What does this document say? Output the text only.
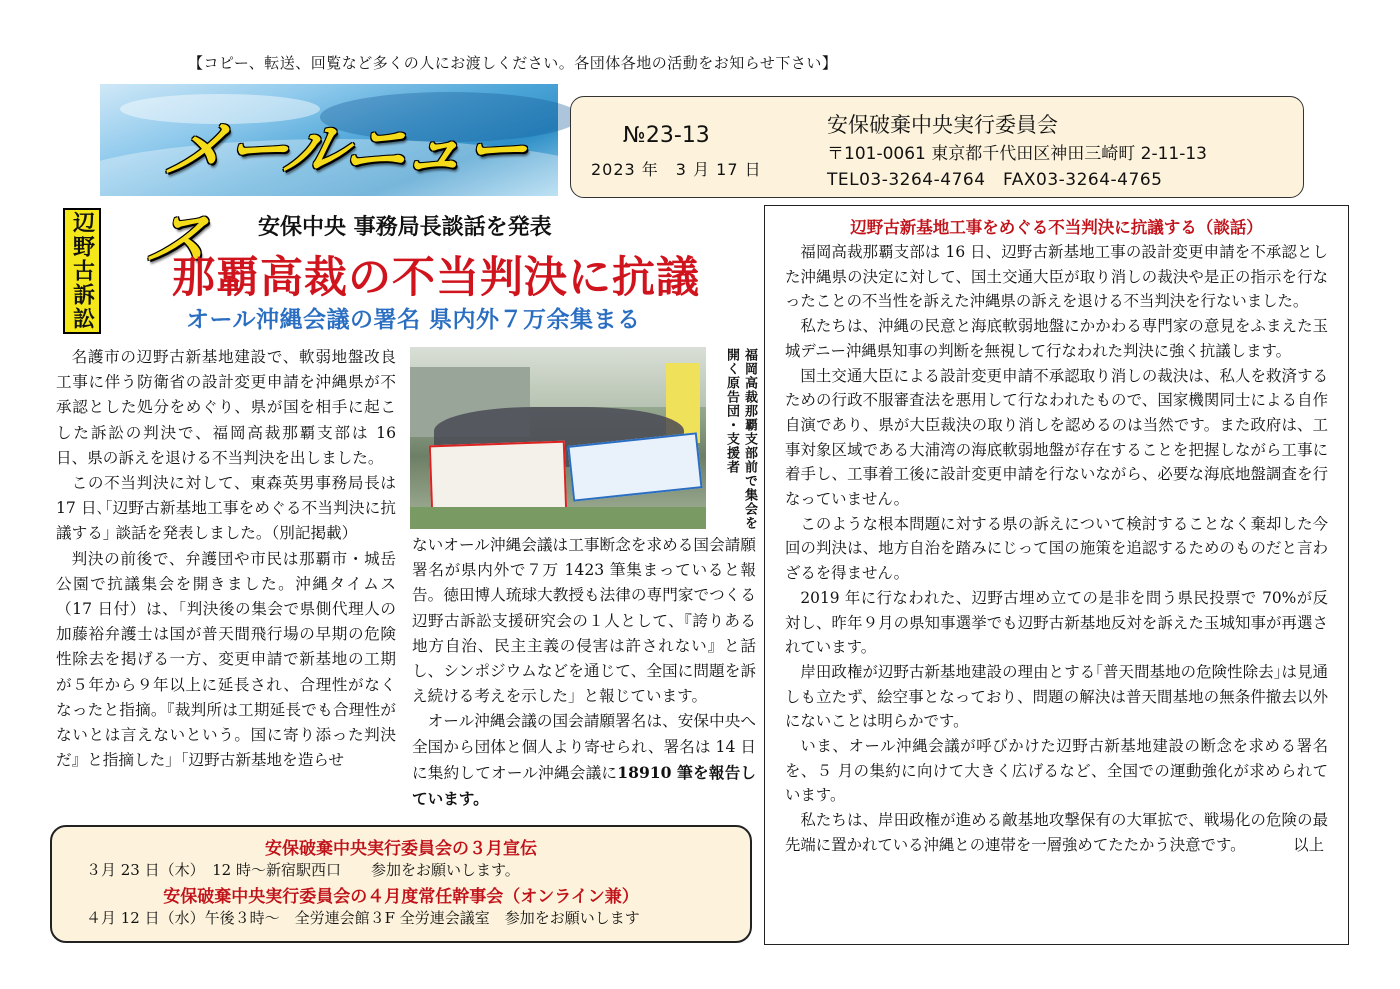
【コピー、転送、回覧など多くの人にお渡しください。各団体各地の活動をお知らせ下さい】
メールニュース
№23-13
2023 年　3 月 17 日
安保破棄中央実行委員会
〒101-0061 東京都千代田区神田三崎町 2-11-13
TEL03-3264-4764　FAX03-3264-4765
辺野古訴訟	安保中央 事務局長談話を発表
那覇高裁の不当判決に抗議
オール沖縄会議の署名 県内外７万余集まる

名護市の辺野古新基地建設で、軟弱地盤改良工事に伴う防衛省の設計変更申請を沖縄県が不承認とした処分をめぐり、県が国を相手に起こした訴訟の判決で、福岡高裁那覇支部は 16 日、県の訴えを退ける不当判決を出しました。

この不当判決に対して、東森英男事務局長は 17 日､｢辺野古新基地工事をめぐる不当判決に抗議する｣ 談話を発表しました。（別記掲載）

判決の前後で、弁護団や市民は那覇市・城岳公園で抗議集会を開きました。沖縄タイムス（17 日付）は、｢判決後の集会で県側代理人の加藤裕弁護士は国が普天間飛行場の早期の危険性除去を掲げる一方、変更申請で新基地の工期が５年から９年以上に延長され、合理性がなくなったと指摘。『裁判所は工期延長でも合理性がないとは言えないという。国に寄り添った判決だ』と指摘した」｢辺野古新基地を造らせ

福岡高裁那覇支部前で集会を開く原告団・支援者

ないオール沖縄会議は工事断念を求める国会請願署名が県内外で７万 1423 筆集まっていると報告。徳田博人琉球大教授も法律の専門家でつくる辺野古訴訟支援研究会の１人として、『誇りある地方自治、民主主義の侵害は許されない』と話し、シンポジウムなどを通じて、全国に問題を訴え続ける考えを示した」と報じています。

オール沖縄会議の国会請願署名は、安保中央へ全国から団体と個人より寄せられ、署名は 14 日に集約してオール沖縄会議に18910 筆を報告しています。

辺野古新基地工事をめぐる不当判決に抗議する（談話）

福岡高裁那覇支部は 16 日、辺野古新基地工事の設計変更申請を不承認とした沖縄県の決定に対して、国土交通大臣が取り消しの裁決や是正の指示を行なったことの不当性を訴えた沖縄県の訴えを退ける不当判決を行ないました。

私たちは、沖縄の民意と海底軟弱地盤にかかわる専門家の意見をふまえた玉城デニー沖縄県知事の判断を無視して行なわれた判決に強く抗議します。

国土交通大臣による設計変更申請不承認取り消しの裁決は、私人を救済するための行政不服審査法を悪用して行なわれたもので、国家機関同士による自作自演であり、県が大臣裁決の取り消しを認めるのは当然です。また政府は、工事対象区域である大浦湾の海底軟弱地盤が存在することを把握しながら工事に着手し、工事着工後に設計変更申請を行ないながら、必要な海底地盤調査を行なっていません。

このような根本問題に対する県の訴えについて検討することなく棄却した今回の判決は、地方自治を踏みにじって国の施策を追認するためのものだと言わざるを得ません。

2019 年に行なわれた、辺野古埋め立ての是非を問う県民投票で 70%が反対し、昨年９月の県知事選挙でも辺野古新基地反対を訴えた玉城知事が再選されています。

岸田政権が辺野古新基地建設の理由とする｢普天間基地の危険性除去｣は見通しも立たず、絵空事となっており、問題の解決は普天間基地の無条件撤去以外にないことは明らかです。

いま、オール沖縄会議が呼びかけた辺野古新基地建設の断念を求める署名を、５ 月の集約に向けて大きく広げるなど、全国での運動強化が求められています。

私たちは、岸田政権が進める敵基地攻撃保有の大軍拡で、戦場化の危険の最先端に置かれている沖縄との連帯を一層強めてたたかう決意です。	以上
安保破棄中央実行委員会の３月宣伝
３月 23 日（木）　12 時～新宿駅西口　　参加をお願いします。
安保破棄中央実行委員会の４月度常任幹事会（オンライン兼）
４月 12 日（水）午後３時～　全労連会館３F 全労連会議室　参加をお願いします
